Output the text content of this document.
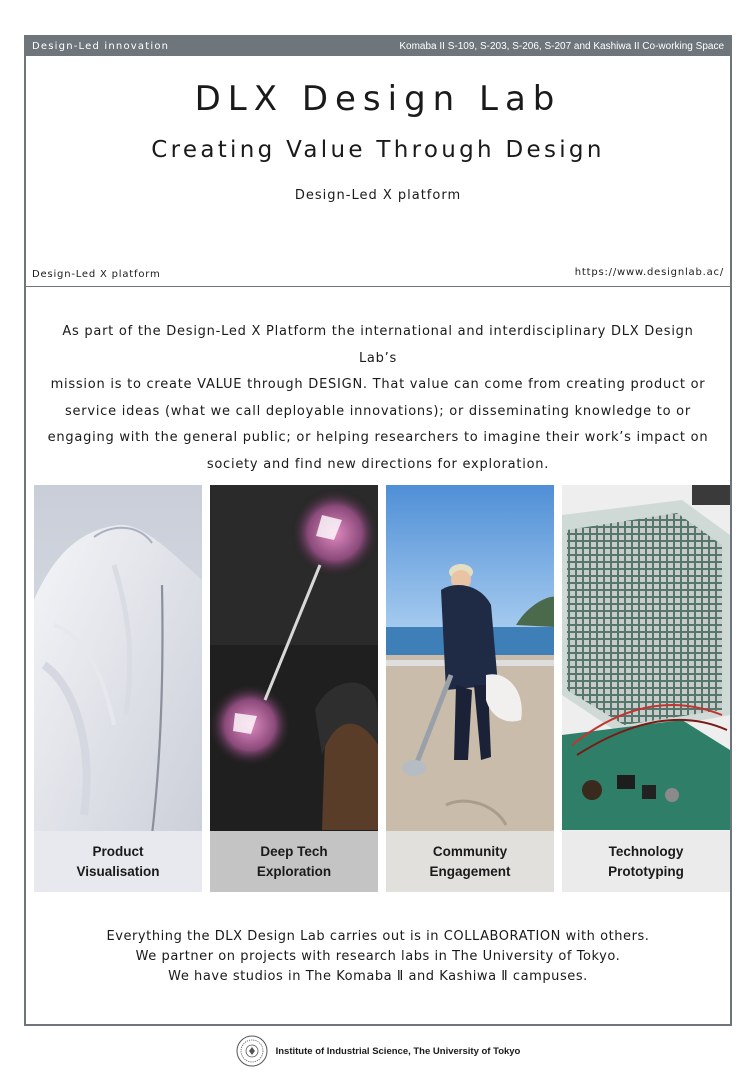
Design-Led innovation	Komaba II S-109, S-203, S-206, S-207 and Kashiwa II Co-working Space
DLX Design Lab
Creating Value Through Design
Design-Led X platform
Design-Led X platform	https://www.designlab.ac/
As part of the Design-Led X Platform the international and interdisciplinary DLX Design Lab’s
mission is to create VALUE through DESIGN. That value can come from creating product or
service ideas (what we call deployable innovations); or disseminating knowledge to or
engaging with the general public; or helping researchers to imagine their work’s impact on
society and find new directions for exploration.
Product
Visualisation
Deep Tech
Exploration
Community
Engagement
Technology
Prototyping
Everything the DLX Design Lab carries out is in COLLABORATION with others.
We partner on projects with research labs in The University of Tokyo.
We have studios in The Komaba Ⅱ and Kashiwa Ⅱ campuses.
Institute of Industrial Science, The University of Tokyo
